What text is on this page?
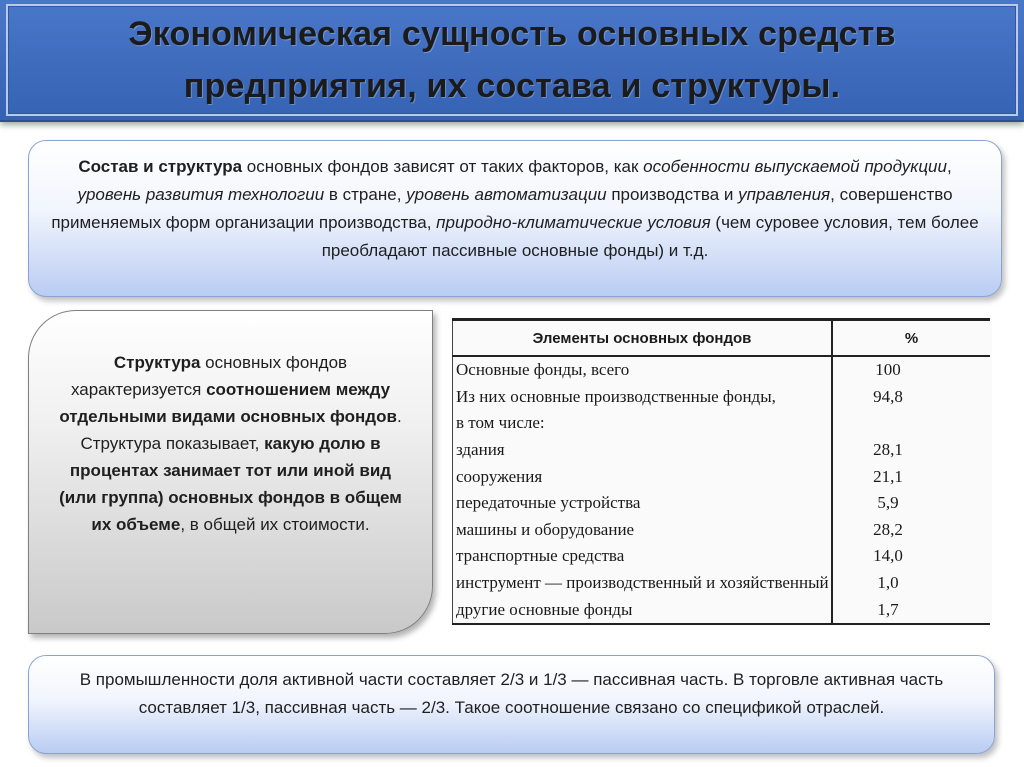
Экономическая сущность основных средств
предприятия, их состава и структуры.

Состав и структура основных фондов зависят от таких факторов, как особенности выпускаемой продукции, уровень развития технологии в стране, уровень автоматизации производства и управления, совершенство применяемых форм организации производства, природно-климатические условия (чем суровее условия, тем более преобладают пассивные основные фонды) и т.д.

Структура основных фондов характеризуется соотношением между отдельными видами основных фондов. Структура показывает, какую долю в процентах занимает тот или иной вид (или группа) основных фондов в общем их объеме, в общей их стоимости.

Элементы основных фондов	%
Основные фонды, всего	100
Из них основные производственные фонды,	94,8
в том числе:	
здания	28,1
сооружения	21,1
передаточные устройства	5,9
машины и оборудование	28,2
транспортные средства	14,0
инструмент — производственный и хозяйственный	1,0
другие основные фонды	1,7

В промышленности доля активной части составляет 2/3 и 1/3 — пассивная часть. В торговле активная часть составляет 1/3, пассивная часть — 2/3. Такое соотношение связано со спецификой отраслей.
